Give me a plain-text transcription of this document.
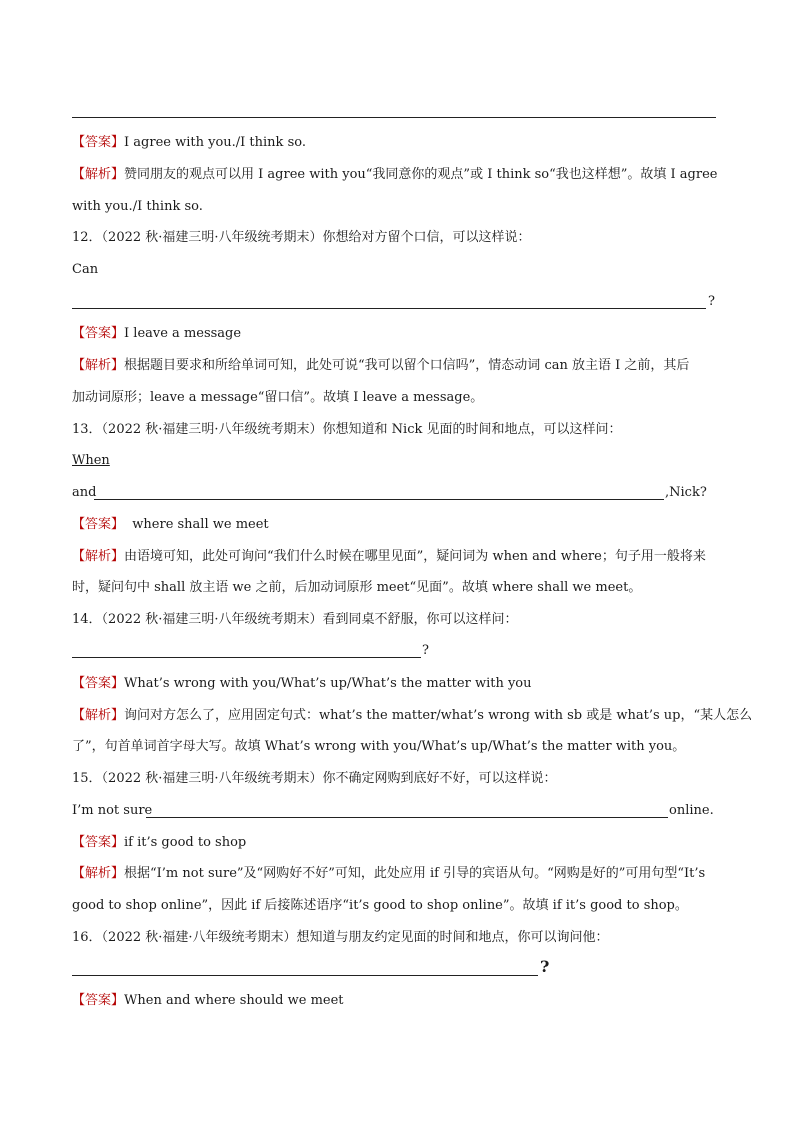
【答案】I agree with you./I think so.
【解析】赞同朋友的观点可以用 I agree with you“我同意你的观点”或 I think so“我也这样想”。故填 I agree
with you./I think so.
12．（2022 秋·福建三明·八年级统考期末）你想给对方留个口信，可以这样说：
Can
?
【答案】I leave a message
【解析】根据题目要求和所给单词可知，此处可说“我可以留个口信吗”，情态动词 can 放主语 I 之前，其后
加动词原形；leave a message“留口信”。故填 I leave a message。
13．（2022 秋·福建三明·八年级统考期末）你想知道和 Nick 见面的时间和地点，可以这样问：
When
and	,Nick?
【答案】 where shall we meet
【解析】由语境可知，此处可询问“我们什么时候在哪里见面”，疑问词为 when and where；句子用一般将来
时，疑问句中 shall 放主语 we 之前，后加动词原形 meet“见面”。故填 where shall we meet。
14．（2022 秋·福建三明·八年级统考期末）看到同桌不舒服，你可以这样问：
?
【答案】What’s wrong with you/What’s up/What’s the matter with you
【解析】询问对方怎么了，应用固定句式：what’s the matter/what’s wrong with sb 或是 what’s up，“某人怎么
了”，句首单词首字母大写。故填 What’s wrong with you/What’s up/What’s the matter with you。
15．（2022 秋·福建三明·八年级统考期末）你不确定网购到底好不好，可以这样说：
I’m not sure	online.
【答案】if it’s good to shop
【解析】根据“I’m not sure”及“网购好不好”可知，此处应用 if 引导的宾语从句。“网购是好的”可用句型“It’s
good to shop online”，因此 if 后接陈述语序“it’s good to shop online”。故填 if it’s good to shop。
16．（2022 秋·福建·八年级统考期末）想知道与朋友约定见面的时间和地点，你可以询问他：
?
【答案】When and where should we meet
